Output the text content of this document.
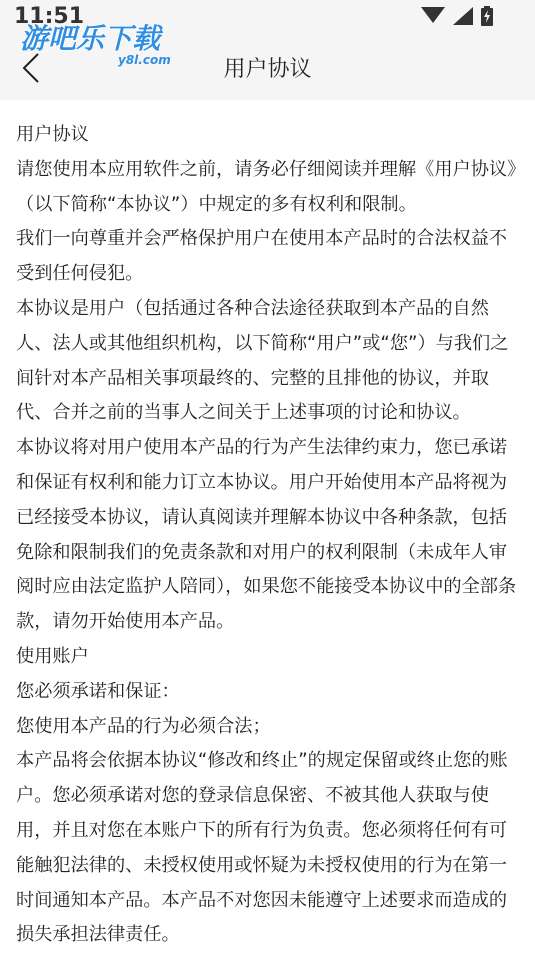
11:51
游吧乐下载
y8l.com	用户协议

用户协议

请您使用本应用软件之前，请务必仔细阅读并理解《用户协议》（以下简称“本协议”）中规定的多有权利和限制。

我们一向尊重并会严格保护用户在使用本产品时的合法权益不受到任何侵犯。

本协议是用户（包括通过各种合法途径获取到本产品的自然人、法人或其他组织机构，以下简称“用户”或“您”）与我们之间针对本产品相关事项最终的、完整的且排他的协议，并取代、合并之前的当事人之间关于上述事项的讨论和协议。

本协议将对用户使用本产品的行为产生法律约束力，您已承诺和保证有权利和能力订立本协议。用户开始使用本产品将视为已经接受本协议，请认真阅读并理解本协议中各种条款，包括免除和限制我们的免责条款和对用户的权利限制（未成年人审阅时应由法定监护人陪同），如果您不能接受本协议中的全部条款，请勿开始使用本产品。

使用账户

您必须承诺和保证：

您使用本产品的行为必须合法；

本产品将会依据本协议“修改和终止”的规定保留或终止您的账户。您必须承诺对您的登录信息保密、不被其他人获取与使用，并且对您在本账户下的所有行为负责。您必须将任何有可能触犯法律的、未授权使用或怀疑为未授权使用的行为在第一时间通知本产品。本产品不对您因未能遵守上述要求而造成的损失承担法律责任。
